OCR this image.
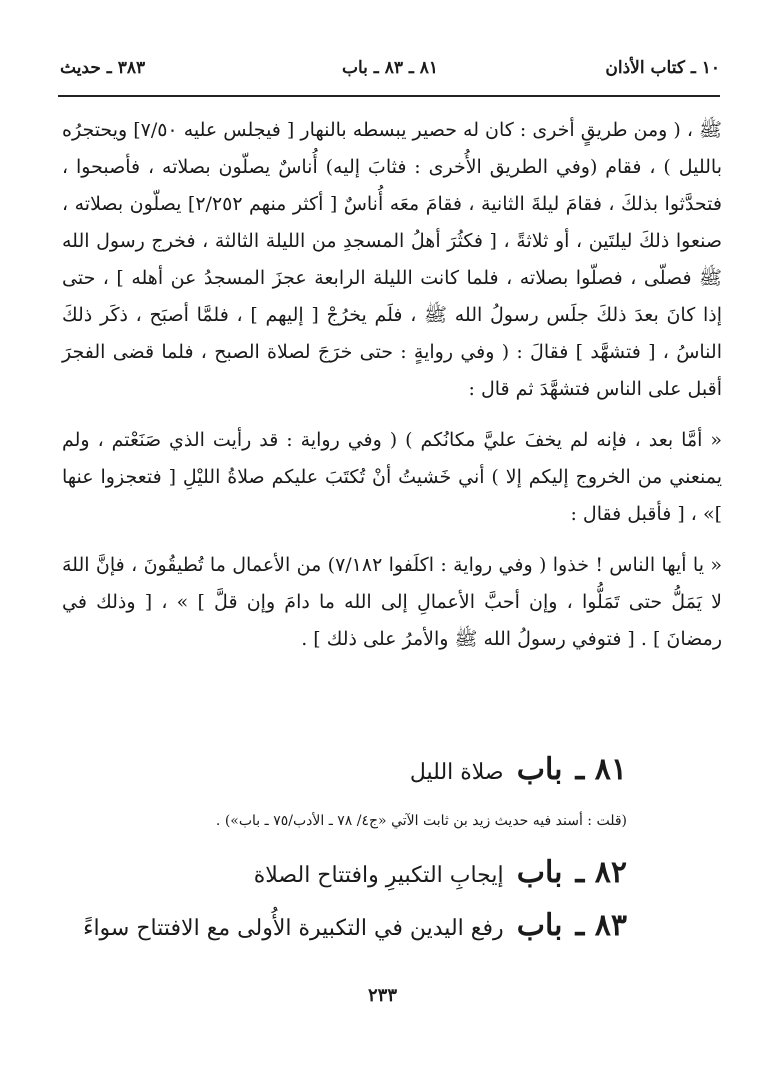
١٠ ـ كتاب الأذان
٨١ ـ ٨٣ ـ باب
٣٨٣ ـ حديث

ﷺ ، ( ومن طريقٍ أخرى : كان له حصير يبسطه بالنهار [ فيجلس عليه ٧/٥٠] ويحتجرُه بالليل ) ، فقام (وفي الطريق الأُخرى : فثابَ إليه) أُناسٌ يصلّون بصلاته ، فأصبحوا ، فتحدَّثوا بذلكَ ، فقامَ ليلةَ الثانية ، فقامَ معَه أُناسٌ [ أكثر منهم ٢/٢٥٢] يصلّون بصلاته ، صنعوا ذلكَ ليلتَين ، أو ثلاثةً ، [ فكثُرَ أهلُ المسجدِ من الليلة الثالثة ، فخرج رسول الله ﷺ فصلّى ، فصلّوا بصلاته ، فلما كانت الليلة الرابعة عجزَ المسجدُ عن أهله ] ، حتى إذا كانَ بعدَ ذلكَ جلَس رسولُ الله ﷺ ، فلَم يخرُجْ [ إليهم ] ، فلمَّا أصبَح ، ذكَر ذلكَ الناسُ ، [ فتشهَّد ] فقالَ : ( وفي روايةٍ : حتى خرَجَ لصلاة الصبح ، فلما قضى الفجرَ أقبل على الناس فتشهَّدَ ثم قال :

« أمَّا بعد ، فإنه لم يخفَ عليَّ مكانُكم ) ( وفي رواية : قد رأيت الذي صَنَعْتم ، ولم يمنعني من الخروج إليكم إلا ) أني خَشيتُ أنْ تُكتَبَ عليكم صلاةُ الليْلِ [ فتعجزوا عنها ]» ، [ فأقبل فقال :

« يا أيها الناس ! خذوا ( وفي رواية : اكلَفوا ٧/١٨٢) من الأعمال ما تُطيقُونَ ، فإنَّ اللهَ لا يَمَلُّ حتى تَمَلُّوا ، وإن أحبَّ الأعمالِ إلى الله ما دامَ وإن قلَّ ] » ، [ وذلك في رمضانَ ] . [ فتوفي رسولُ الله ﷺ والأمرُ على ذلك ] .

٨١ ـ باب صلاة الليل
(قلت : أسند فيه حديث زيد بن ثابت الآتي «ج٤/ ٧٨ ـ الأدب/٧٥ ـ باب») .
٨٢ ـ باب إيجابِ التكبيرِ وافتتاح الصلاة
٨٣ ـ باب رفع اليدين في التكبيرة الأُولى مع الافتتاح سواءً
٢٣٣
